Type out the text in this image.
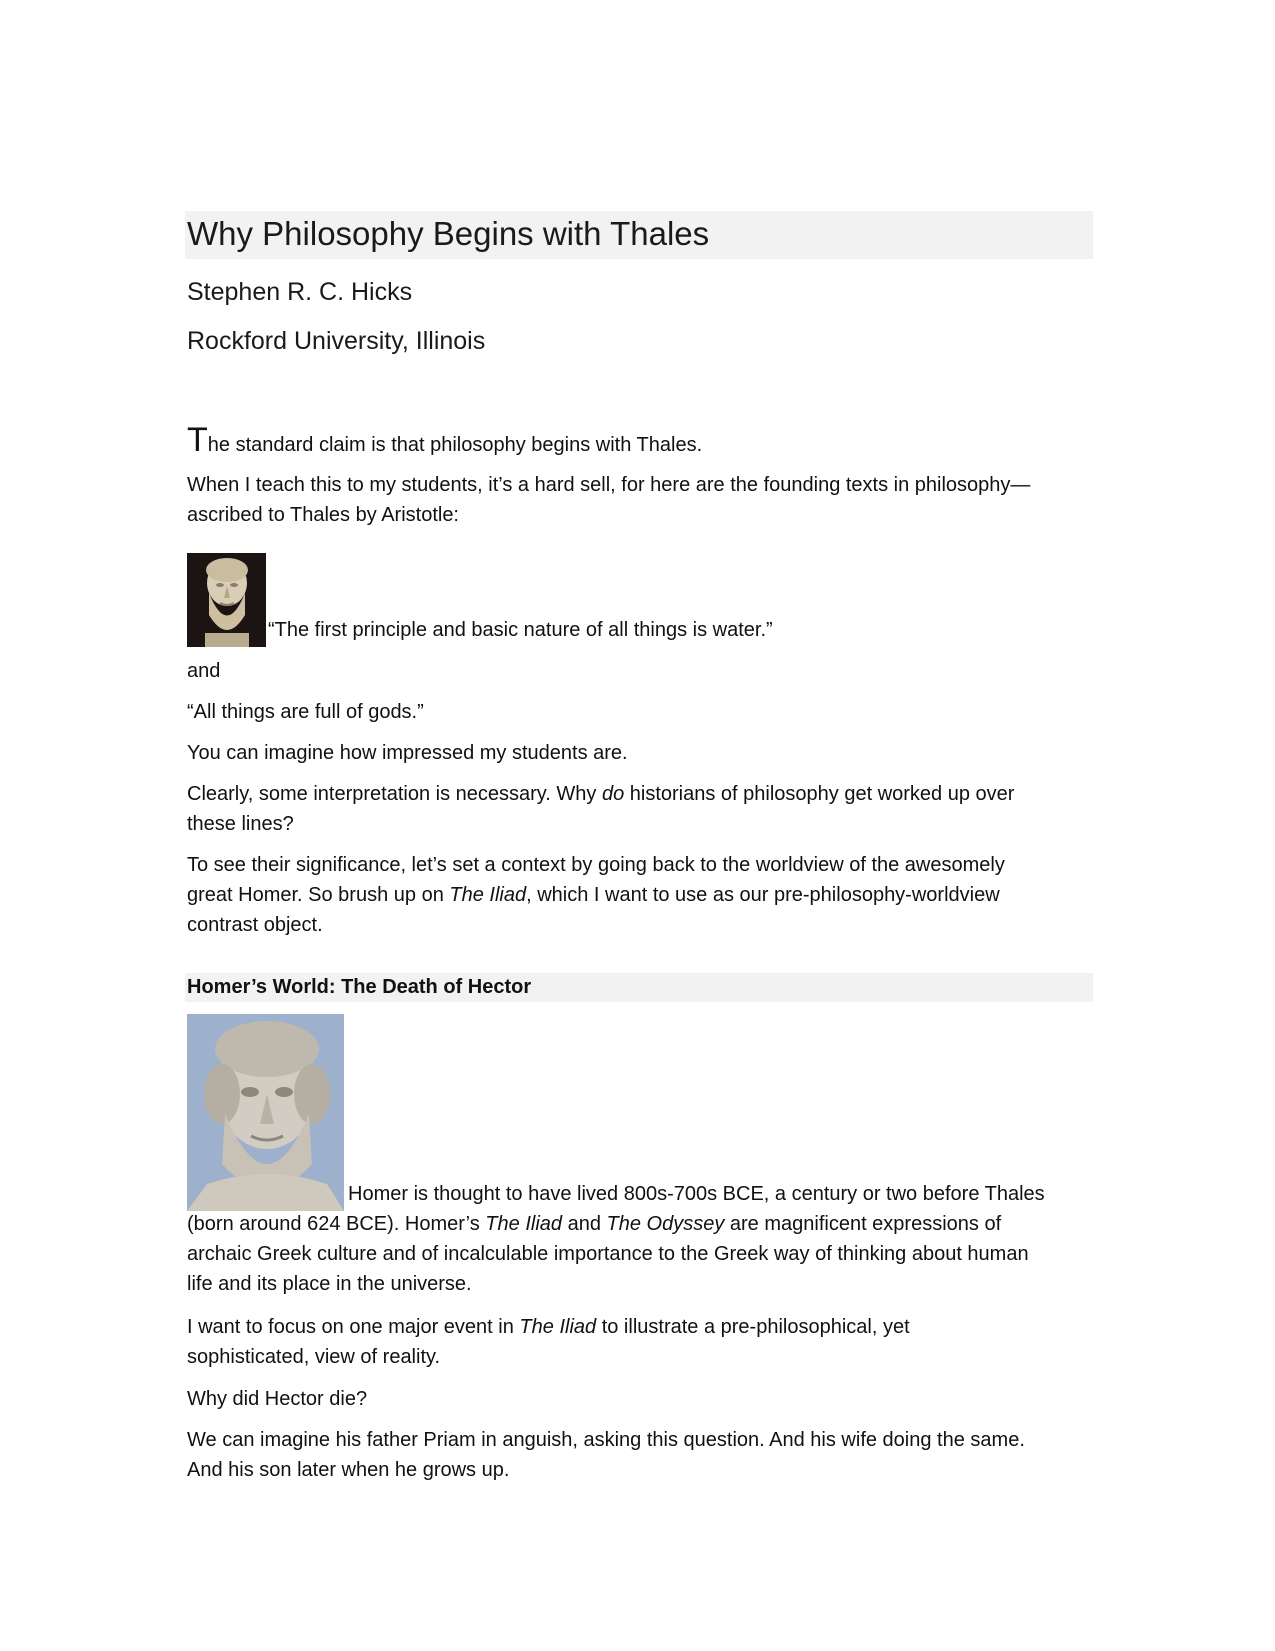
Why Philosophy Begins with Thales
Stephen R. C. Hicks
Rockford University, Illinois
The standard claim is that philosophy begins with Thales.
When I teach this to my students, it’s a hard sell, for here are the founding texts in philosophy—
ascribed to Thales by Aristotle:
“The first principle and basic nature of all things is water.”
and
“All things are full of gods.”
You can imagine how impressed my students are.
Clearly, some interpretation is necessary. Why do historians of philosophy get worked up over
these lines?
To see their significance, let’s set a context by going back to the worldview of the awesomely
great Homer. So brush up on The Iliad, which I want to use as our pre-philosophy-worldview
contrast object.
Homer’s World: The Death of Hector
Homer is thought to have lived 800s-700s BCE, a century or two before Thales
(born around 624 BCE). Homer’s The Iliad and The Odyssey are magnificent expressions of
archaic Greek culture and of incalculable importance to the Greek way of thinking about human
life and its place in the universe.
I want to focus on one major event in The Iliad to illustrate a pre-philosophical, yet
sophisticated, view of reality.
Why did Hector die?
We can imagine his father Priam in anguish, asking this question. And his wife doing the same.
And his son later when he grows up.
